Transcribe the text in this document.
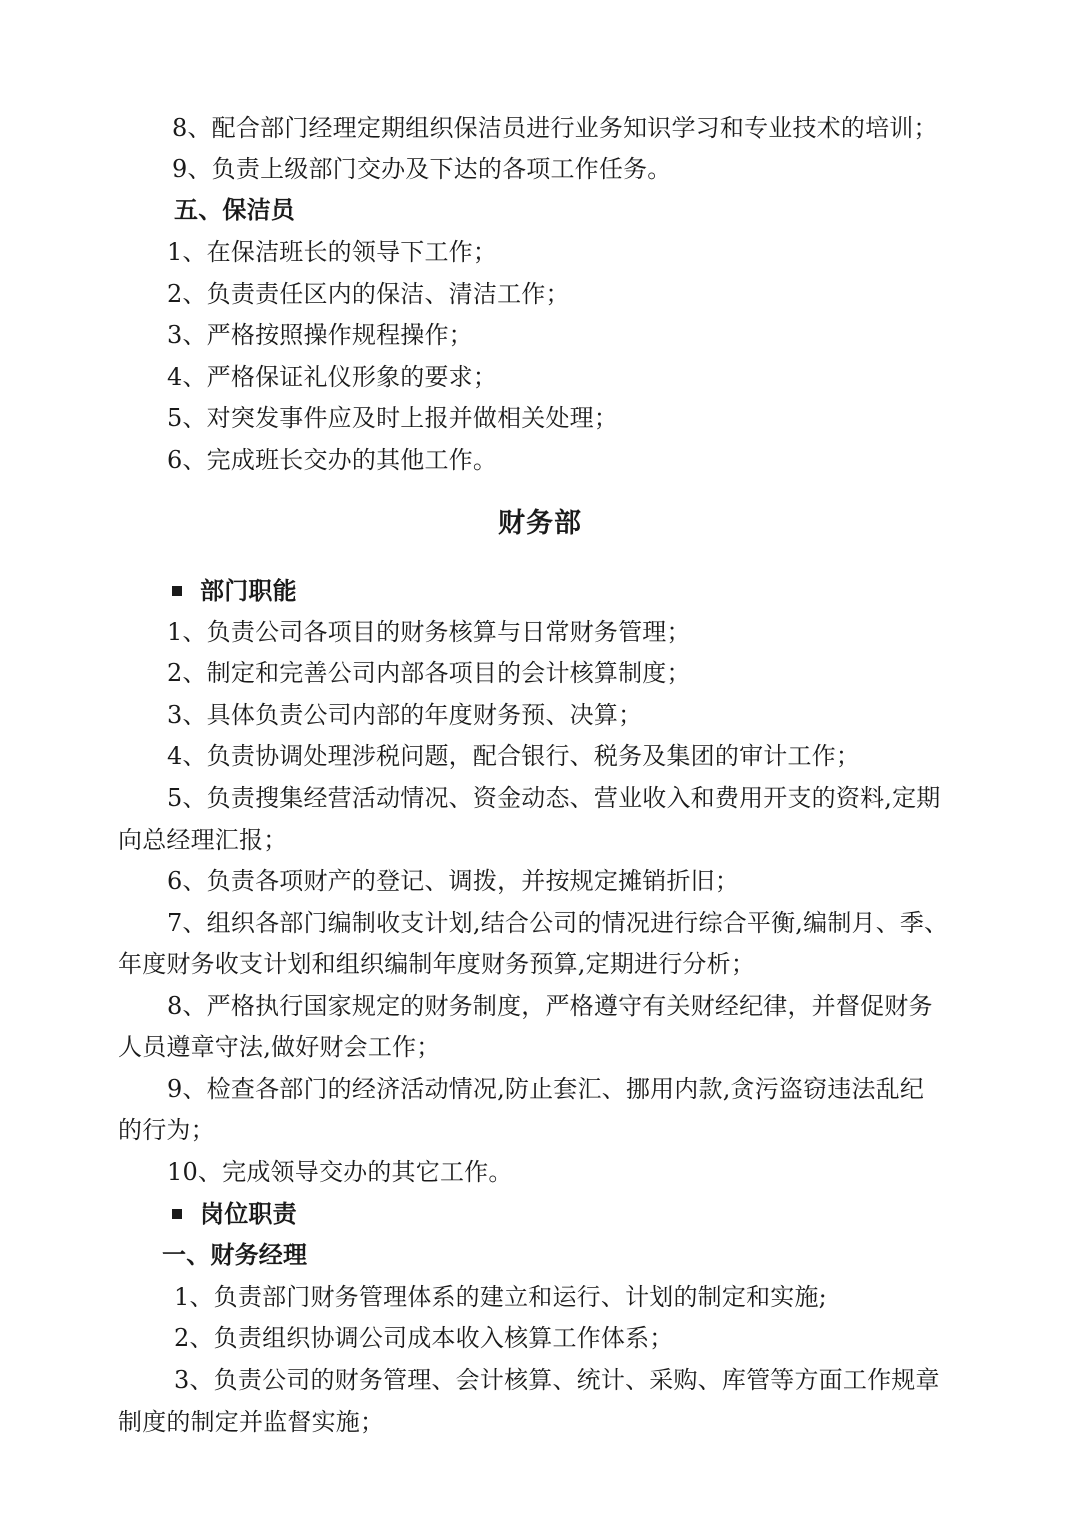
8、配合部门经理定期组织保洁员进行业务知识学习和专业技术的培训；
9、负责上级部门交办及下达的各项工作任务。
五、保洁员
1、在保洁班长的领导下工作；
2、负责责任区内的保洁、清洁工作；
3、严格按照操作规程操作；
4、严格保证礼仪形象的要求；
5、对突发事件应及时上报并做相关处理；
6、完成班长交办的其他工作。
财务部
部门职能
1、负责公司各项目的财务核算与日常财务管理；
2、制定和完善公司内部各项目的会计核算制度；
3、具体负责公司内部的年度财务预、决算；
4、负责协调处理涉税问题，配合银行、税务及集团的审计工作；
5、负责搜集经营活动情况、资金动态、营业收入和费用开支的资料,定期
向总经理汇报；
6、负责各项财产的登记、调拨，并按规定摊销折旧；
7、组织各部门编制收支计划,结合公司的情况进行综合平衡,编制月、季、
年度财务收支计划和组织编制年度财务预算,定期进行分析；
8、严格执行国家规定的财务制度，严格遵守有关财经纪律，并督促财务
人员遵章守法,做好财会工作；
9、检查各部门的经济活动情况,防止套汇、挪用内款,贪污盗窃违法乱纪
的行为；
10、完成领导交办的其它工作。
岗位职责
一、财务经理
1、负责部门财务管理体系的建立和运行、计划的制定和实施;
2、负责组织协调公司成本收入核算工作体系；
3、负责公司的财务管理、会计核算、统计、采购、库管等方面工作规章
制度的制定并监督实施；
